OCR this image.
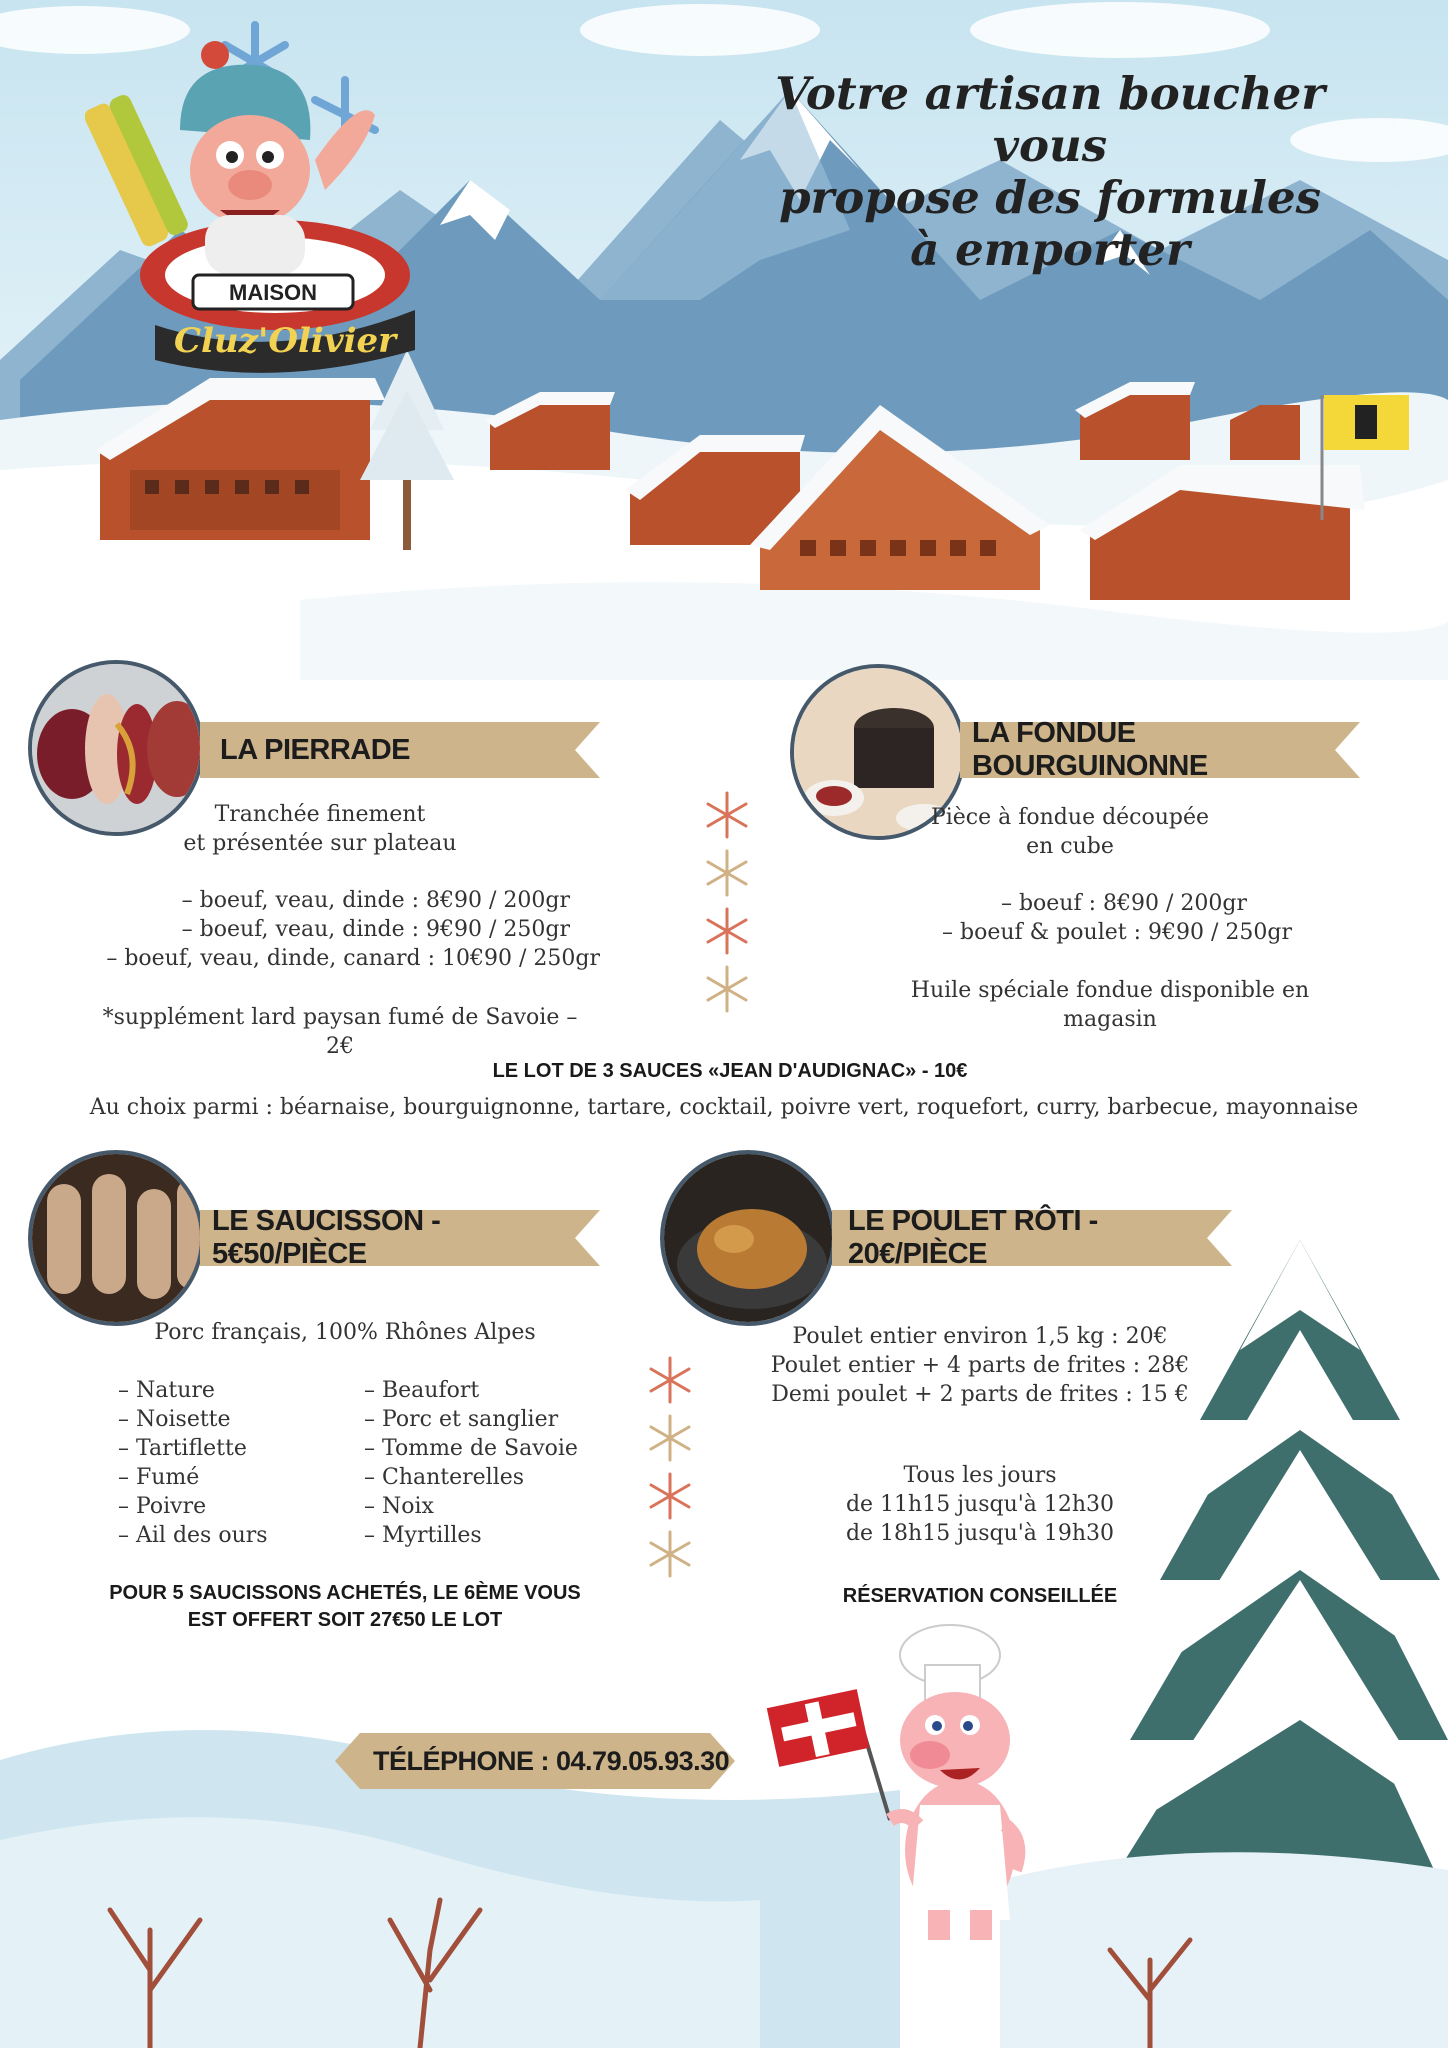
MAISON
Cluz'Olivier
Votre artisan boucher vous
propose des formules
à emporter
LA PIERRADE
Tranchée finement
et présentée sur plateau
– boeuf, veau, dinde : 8€90 / 200gr
– boeuf, veau, dinde : 9€90 / 250gr
– boeuf, veau, dinde, canard : 10€90 / 250gr
*supplément lard paysan fumé de Savoie – 2€
LA FONDUE BOURGUINONNE
Pièce à fondue découpée
en cube
– boeuf : 8€90 / 200gr
– boeuf & poulet : 9€90 / 250gr
Huile spéciale fondue disponible en magasin
LE LOT DE 3 SAUCES «JEAN D'AUDIGNAC» - 10€
Au choix parmi : béarnaise, bourguignonne, tartare, cocktail, poivre vert, roquefort, curry, barbecue, mayonnaise
LE SAUCISSON - 5€50/PIÈCE
Porc français, 100% Rhônes Alpes
– Nature
– Noisette
– Tartiflette
– Fumé
– Poivre
– Ail des ours
– Beaufort
– Porc et sanglier
– Tomme de Savoie
– Chanterelles
– Noix
– Myrtilles
POUR 5 SAUCISSONS ACHETÉS, LE 6ÈME VOUS
EST OFFERT SOIT 27€50 LE LOT
LE POULET RÔTI - 20€/PIÈCE
Poulet entier environ 1,5 kg : 20€
Poulet entier + 4 parts de frites : 28€
Demi poulet + 2 parts de frites : 15 €
Tous les jours
de 11h15 jusqu'à 12h30
de 18h15 jusqu'à 19h30
RÉSERVATION CONSEILLÉE
TÉLÉPHONE : 04.79.05.93.30
